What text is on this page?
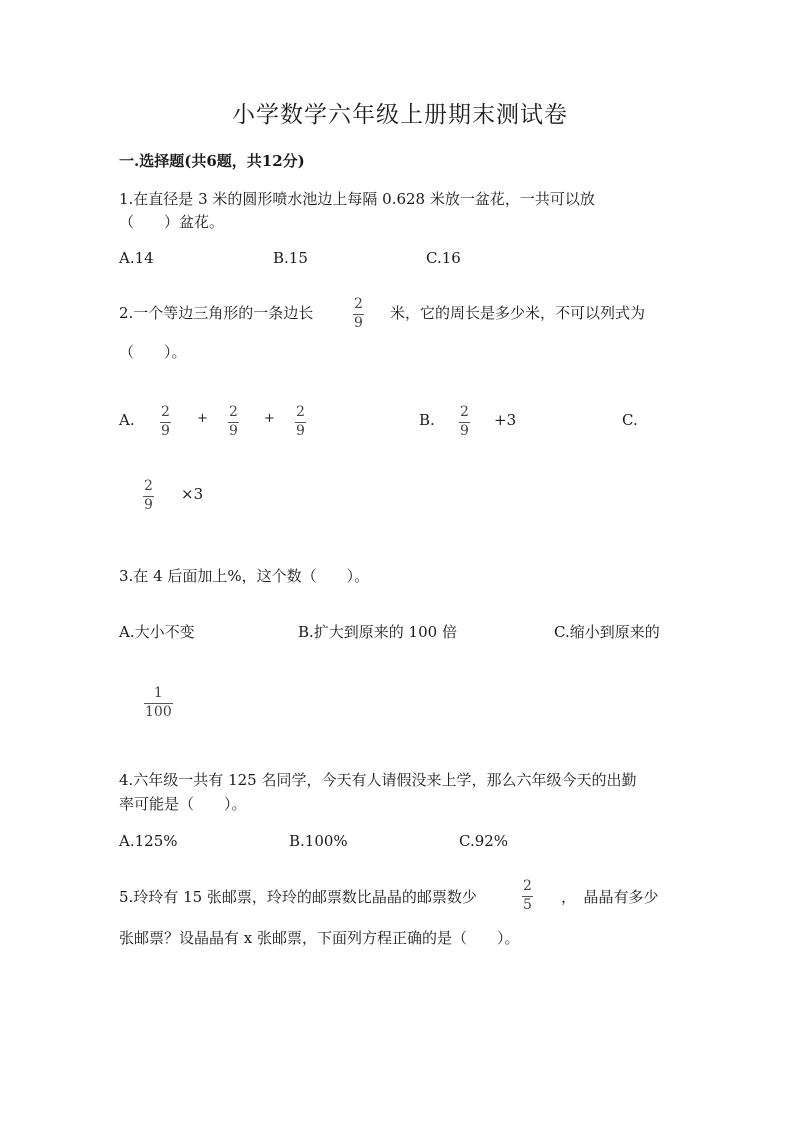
小学数学六年级上册期末测试卷
一.选择题(共6题，共12分)
1.在直径是 3 米的圆形喷水池边上每隔 0.628 米放一盆花，一共可以放
（　　）盆花。
A.14	B.15	C.16
2.一个等边三角形的一条边长	2
9
米，它的周长是多少米，不可以列式为
（　　）。
A. 2
9
+ 2
9
+ 2
9
B. 2
9
+3	C.
2
9
×3
3.在 4 后面加上%，这个数（　　）。
A.大小不变	B.扩大到原来的 100 倍	C.缩小到原来的
1
100
4.六年级一共有 125 名同学，今天有人请假没来上学，那么六年级今天的出勤
率可能是（　　）。
A.125%	B.100%	C.92%
5.玲玲有 15 张邮票，玲玲的邮票数比晶晶的邮票数少
2
5 ，　晶晶有多少
张邮票？设晶晶有 x 张邮票，下面列方程正确的是（　　）。
